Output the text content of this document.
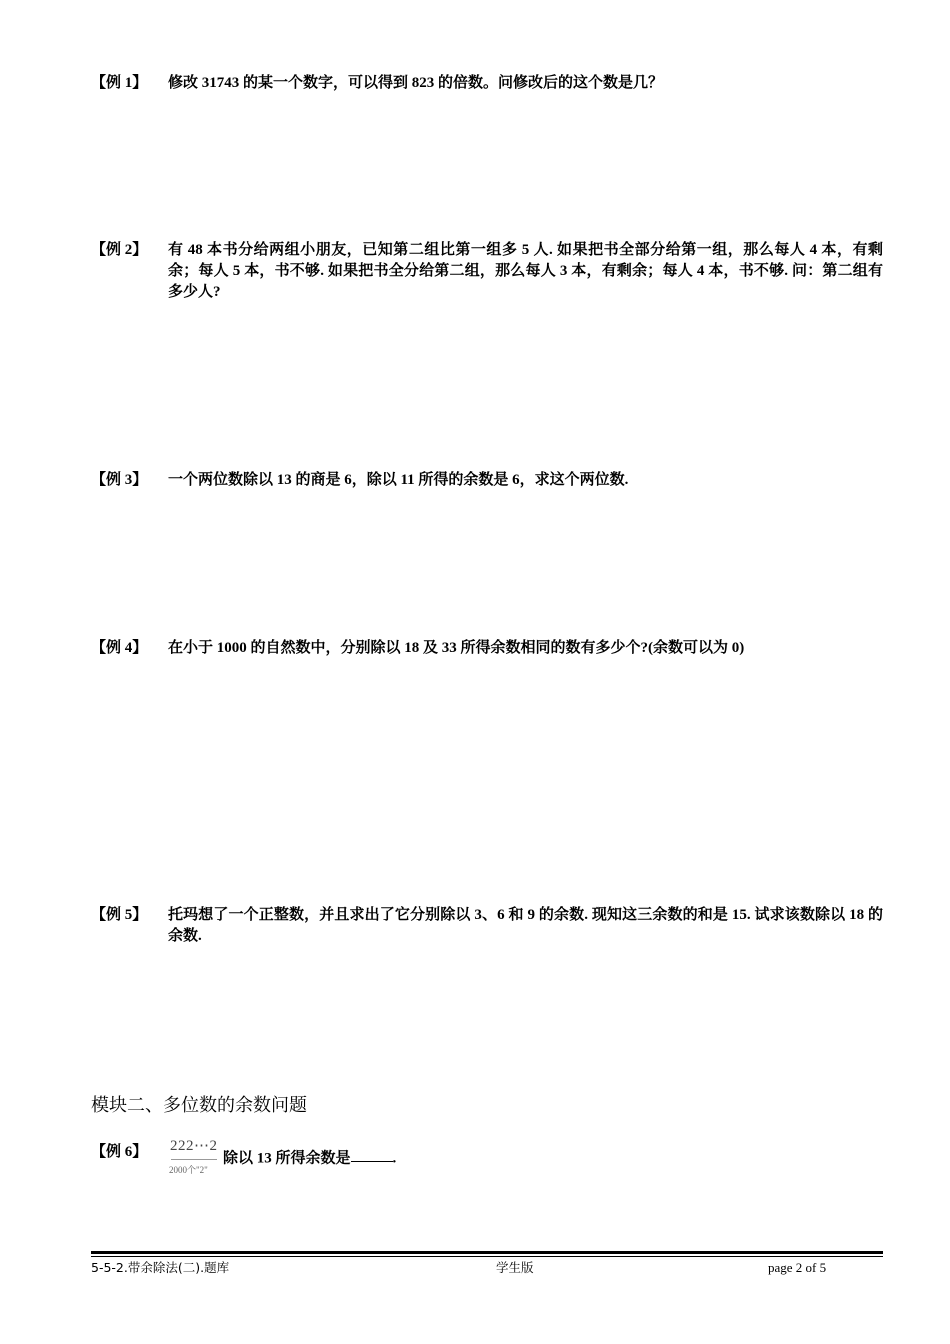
【例 1】 修改 31743 的某一个数字，可以得到 823 的倍数。问修改后的这个数是几？
【例 2】 有 48 本书分给两组小朋友，已知第二组比第一组多 5 人. 如果把书全部分给第一组，那么每人 4 本，有剩余；每人 5 本，书不够. 如果把书全分给第二组，那么每人 3 本，有剩余；每人 4 本，书不够. 问：第二组有多少人?
【例 3】 一个两位数除以 13 的商是 6，除以 11 所得的余数是 6，求这个两位数.
【例 4】 在小于 1000 的自然数中，分别除以 18 及 33 所得余数相同的数有多少个?(余数可以为 0)
【例 5】 托玛想了一个正整数，并且求出了它分别除以 3、6 和 9 的余数. 现知这三余数的和是 15. 试求该数除以 18 的余数.
模块二、多位数的余数问题
【例 6】 222⋯2
2000个"2"
除以 13 所得余数是	.
5-5-2.带余除法(二).题库	学生版	page 2 of 5
